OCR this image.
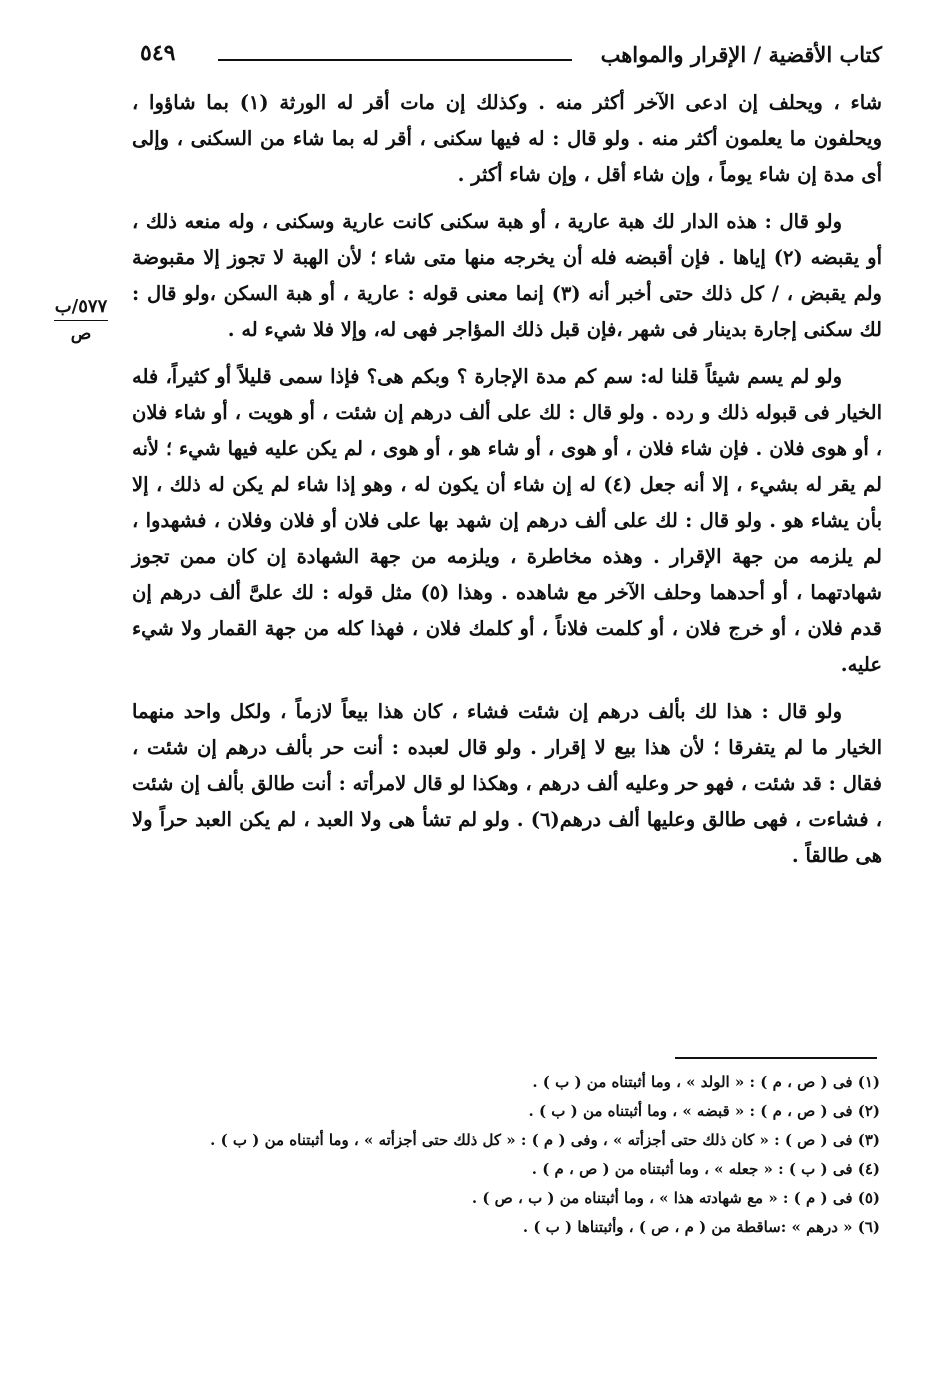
كتاب الأقضية / الإقرار والمواهب
٥٤٩
٥٧٧/ب
ص

شاء ، ويحلف إن ادعى الآخر أكثر منه . وكذلك إن مات أقر له الورثة (١) بما شاؤوا ، ويحلفون ما يعلمون أكثر منه . ولو قال : له فيها سكنى ، أقر له بما شاء من السكنى ، وإلى أى مدة إن شاء يوماً ، وإن شاء أقل ، وإن شاء أكثر .

ولو قال : هذه الدار لك هبة عارية ، أو هبة سكنى كانت عارية وسكنى ، وله منعه ذلك ، أو يقبضه (٢) إياها . فإن أقبضه فله أن يخرجه منها متى شاء ؛ لأن الهبة لا تجوز إلا مقبوضة ولم يقبض ، / كل ذلك حتى أخبر أنه (٣) إنما معنى قوله : عارية ، أو هبة السكن ،ولو قال : لك سكنى إجارة بدينار فى شهر ،فإن قبل ذلك المؤاجر فهى له، وإلا فلا شيء له .

ولو لم يسم شيئاً قلنا له: سم كم مدة الإجارة ؟ وبكم هى؟ فإذا سمى قليلاً أو كثيراً، فله الخيار فى قبوله ذلك و رده . ولو قال : لك على ألف درهم إن شئت ، أو هويت ، أو شاء فلان ، أو هوى فلان . فإن شاء فلان ، أو هوى ، أو شاء هو ، أو هوى ، لم يكن عليه فيها شيء ؛ لأنه لم يقر له بشيء ، إلا أنه جعل (٤) له إن شاء أن يكون له ، وهو إذا شاء لم يكن له ذلك ، إلا بأن يشاء هو . ولو قال : لك على ألف درهم إن شهد بها على فلان أو فلان وفلان ، فشهدوا ، لم يلزمه من جهة الإقرار . وهذه مخاطرة ، ويلزمه من جهة الشهادة إن كان ممن تجوز شهادتهما ، أو أحدهما وحلف الآخر مع شاهده . وهذا (٥) مثل قوله : لك علىَّ ألف درهم إن قدم فلان ، أو خرج فلان ، أو كلمت فلاناً ، أو كلمك فلان ، فهذا كله من جهة القمار ولا شيء عليه.

ولو قال : هذا لك بألف درهم إن شئت فشاء ، كان هذا بيعاً لازماً ، ولكل واحد منهما الخيار ما لم يتفرقا ؛ لأن هذا بيع لا إقرار . ولو قال لعبده : أنت حر بألف درهم إن شئت ، فقال : قد شئت ، فهو حر وعليه ألف درهم ، وهكذا لو قال لامرأته : أنت طالق بألف إن شئت ، فشاءت ، فهى طالق وعليها ألف درهم(٦) . ولو لم تشأ هى ولا العبد ، لم يكن العبد حراً ولا هى طالقاً .

(١) فى ( ص ، م ) : « الولد » ، وما أثبتناه من ( ب ) .

(٢) فى ( ص ، م ) : « قبضه » ، وما أثبتناه من ( ب ) .

(٣) فى ( ص ) : « كان ذلك حتى أجزأته » ، وفى ( م ) : « كل ذلك حتى أجزأته » ، وما أثبتناه من ( ب ) .

(٤) فى ( ب ) : « جعله » ، وما أثبتناه من ( ص ، م ) .

(٥) فى ( م ) : « مع شهادته هذا » ، وما أثبتناه من ( ب ، ص ) .

(٦) « درهم » :ساقطة من ( م ، ص ) ، وأثبتناها ( ب ) .
